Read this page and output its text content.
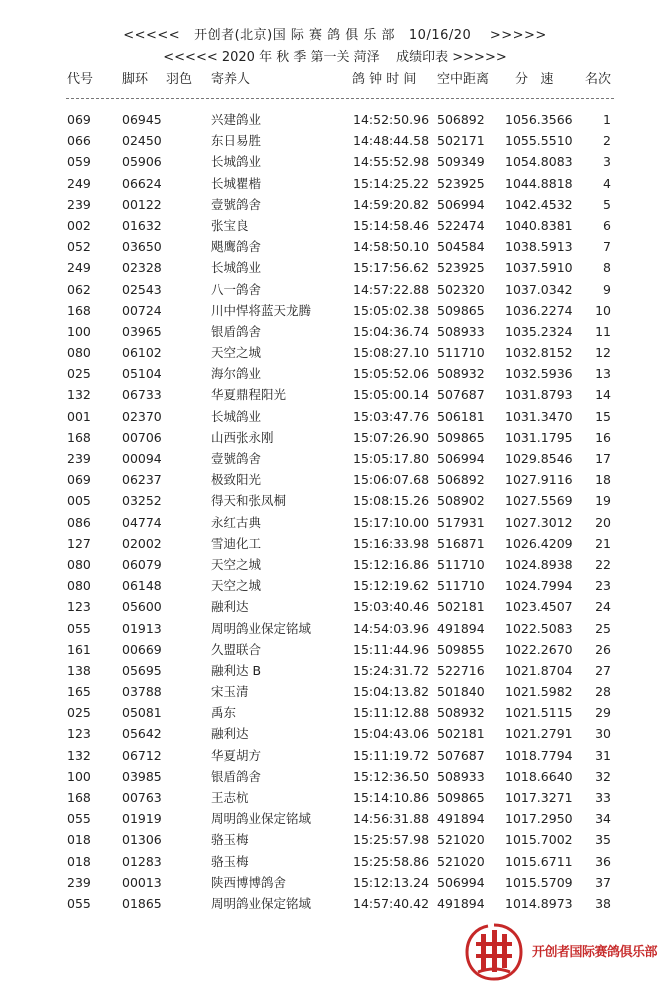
<<<<<   开创者(北京)国 际 赛 鸽 俱 乐 部   10/16/20    >>>>>
<<<<< 2020 年 秋 季 第一关 菏泽    成绩印表 >>>>>
代号 脚环 羽色 寄养人	鸽 钟 时 间 空中距离 分   速 名次
069 06945	兴建鸽业	14:52:50.96 506892 1056.3566 1
066 02450	东日易胜	14:48:44.58 502171 1055.5510 2
059 05906	长城鸽业	14:55:52.98 509349 1054.8083 3
249 06624	长城瞿楷	15:14:25.22 523925 1044.8818 4
239 00122	壹號鸽舍	14:59:20.82 506994 1042.4532 5
002 01632	张宝良	15:14:58.46 522474 1040.8381 6
052 03650	飓鹰鸽舍	14:58:50.10 504584 1038.5913 7
249 02328	长城鸽业	15:17:56.62 523925 1037.5910 8
062 02543	八一鸽舍	14:57:22.88 502320 1037.0342 9
168 00724	川中悍将蓝天龙腾	15:05:02.38 509865 1036.2274 10
100 03965	银盾鸽舍	15:04:36.74 508933 1035.2324 11
080 06102	天空之城	15:08:27.10 511710 1032.8152 12
025 05104	海尔鸽业	15:05:52.06 508932 1032.5936 13
132 06733	华夏鼎程阳光	15:05:00.14 507687 1031.8793 14
001 02370	长城鸽业	15:03:47.76 506181 1031.3470 15
168 00706	山西张永刚	15:07:26.90 509865 1031.1795 16
239 00094	壹號鸽舍	15:05:17.80 506994 1029.8546 17
069 06237	极致阳光	15:06:07.68 506892 1027.9116 18
005 03252	得天和张凤桐	15:08:15.26 508902 1027.5569 19
086 04774	永红古典	15:17:10.00 517931 1027.3012 20
127 02002	雪迪化工	15:16:33.98 516871 1026.4209 21
080 06079	天空之城	15:12:16.86 511710 1024.8938 22
080 06148	天空之城	15:12:19.62 511710 1024.7994 23
123 05600	融利达	15:03:40.46 502181 1023.4507 24
055 01913	周明鸽业保定铭域	14:54:03.96 491894 1022.5083 25
161 00669	久盟联合	15:11:44.96 509855 1022.2670 26
138 05695	融利达 B	15:24:31.72 522716 1021.8704 27
165 03788	宋玉清	15:04:13.82 501840 1021.5982 28
025 05081	禹东	15:11:12.88 508932 1021.5115 29
123 05642	融利达	15:04:43.06 502181 1021.2791 30
132 06712	华夏胡方	15:11:19.72 507687 1018.7794 31
100 03985	银盾鸽舍	15:12:36.50 508933 1018.6640 32
168 00763	王志杭	15:14:10.86 509865 1017.3271 33
055 01919	周明鸽业保定铭域	14:56:31.88 491894 1017.2950 34
018 01306	骆玉梅	15:25:57.98 521020 1015.7002 35
018 01283	骆玉梅	15:25:58.86 521020 1015.6711 36
239 00013	陕西博博鸽舍	15:12:13.24 506994 1015.5709 37
055 01865	周明鸽业保定铭域	14:57:40.42 491894 1014.8973 38
开创者国际赛鸽俱乐部
